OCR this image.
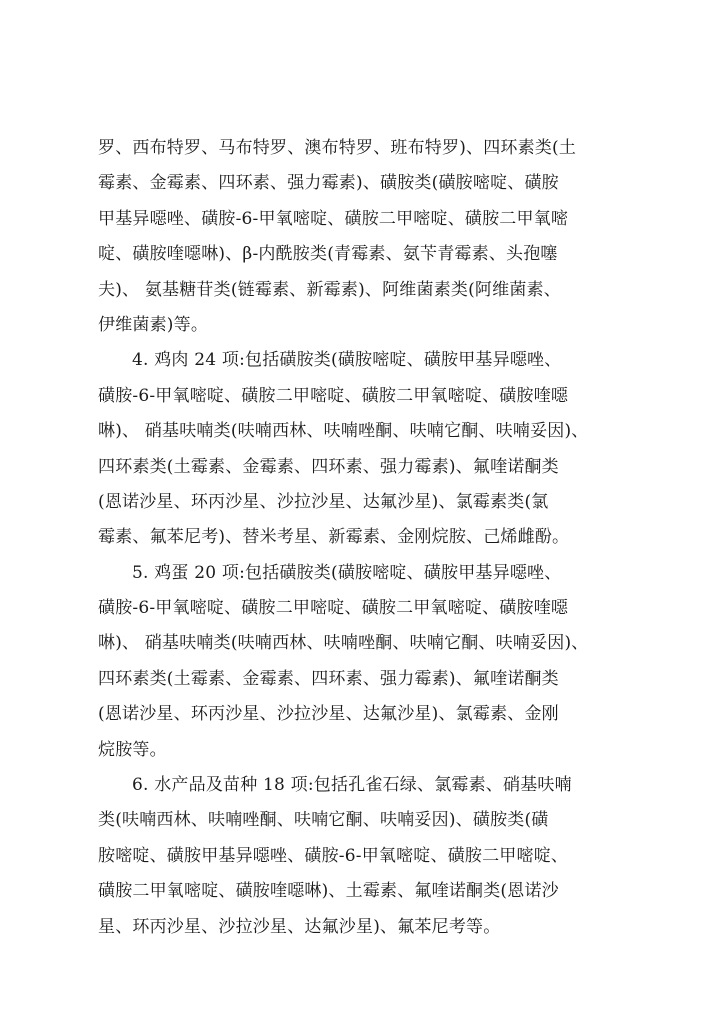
罗、西布特罗、马布特罗、澳布特罗、班布特罗)、四环素类(土
霉素、金霉素、四环素、强力霉素)、磺胺类(磺胺嘧啶、磺胺
甲基异噁唑、磺胺-6-甲氧嘧啶、磺胺二甲嘧啶、磺胺二甲氧嘧
啶、磺胺喹噁啉)、β-内酰胺类(青霉素、氨苄青霉素、头孢噻
夫)、 氨基糖苷类(链霉素、新霉素)、阿维菌素类(阿维菌素、
伊维菌素)等。
4. 鸡肉 24 项:包括磺胺类(磺胺嘧啶、磺胺甲基异噁唑、
磺胺-6-甲氧嘧啶、磺胺二甲嘧啶、磺胺二甲氧嘧啶、磺胺喹噁
啉)、 硝基呋喃类(呋喃西林、呋喃唑酮、呋喃它酮、呋喃妥因)、
四环素类(土霉素、金霉素、四环素、强力霉素)、氟喹诺酮类
(恩诺沙星、环丙沙星、沙拉沙星、达氟沙星)、氯霉素类(氯
霉素、氟苯尼考)、替米考星、新霉素、金刚烷胺、己烯雌酚。
5. 鸡蛋 20 项:包括磺胺类(磺胺嘧啶、磺胺甲基异噁唑、
磺胺-6-甲氧嘧啶、磺胺二甲嘧啶、磺胺二甲氧嘧啶、磺胺喹噁
啉)、 硝基呋喃类(呋喃西林、呋喃唑酮、呋喃它酮、呋喃妥因)、
四环素类(土霉素、金霉素、四环素、强力霉素)、氟喹诺酮类
(恩诺沙星、环丙沙星、沙拉沙星、达氟沙星)、氯霉素、金刚
烷胺等。
6. 水产品及苗种 18 项:包括孔雀石绿、氯霉素、硝基呋喃
类(呋喃西林、呋喃唑酮、呋喃它酮、呋喃妥因)、磺胺类(磺
胺嘧啶、磺胺甲基异噁唑、磺胺-6-甲氧嘧啶、磺胺二甲嘧啶、
磺胺二甲氧嘧啶、磺胺喹噁啉)、土霉素、氟喹诺酮类(恩诺沙
星、环丙沙星、沙拉沙星、达氟沙星)、氟苯尼考等。
